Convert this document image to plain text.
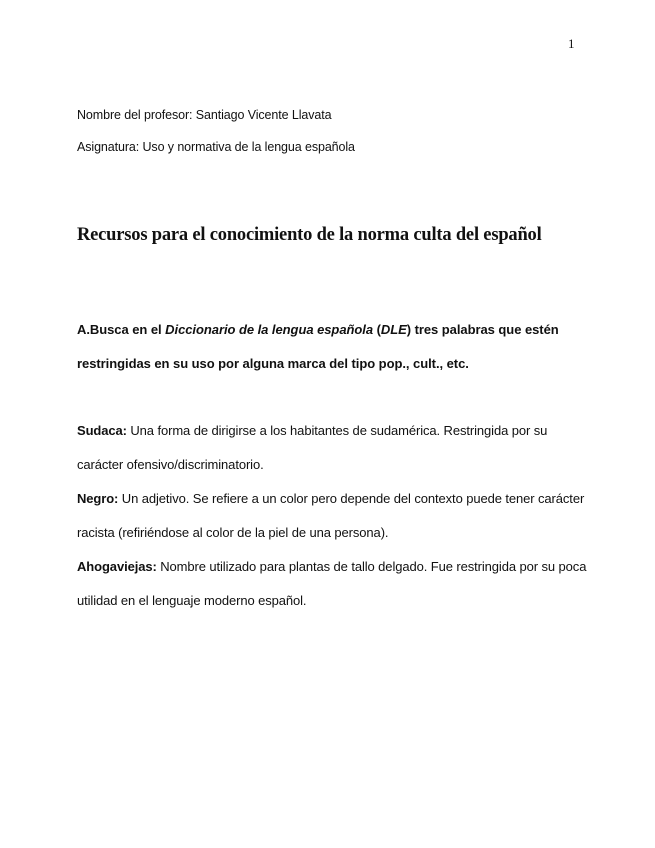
1
Nombre del profesor: Santiago Vicente Llavata
Asignatura: Uso y normativa de la lengua española
Recursos para el conocimiento de la norma culta del español
A.Busca en el Diccionario de la lengua española (DLE) tres palabras que estén restringidas en su uso por alguna marca del tipo pop., cult., etc.

Sudaca: Una forma de dirigirse a los habitantes de sudamérica. Restringida por su carácter ofensivo/discriminatorio.

Negro: Un adjetivo. Se refiere a un color pero depende del contexto puede tener carácter racista (refiriéndose al color de la piel de una persona).

Ahogaviejas: Nombre utilizado para plantas de tallo delgado. Fue restringida por su poca utilidad en el lenguaje moderno español.
